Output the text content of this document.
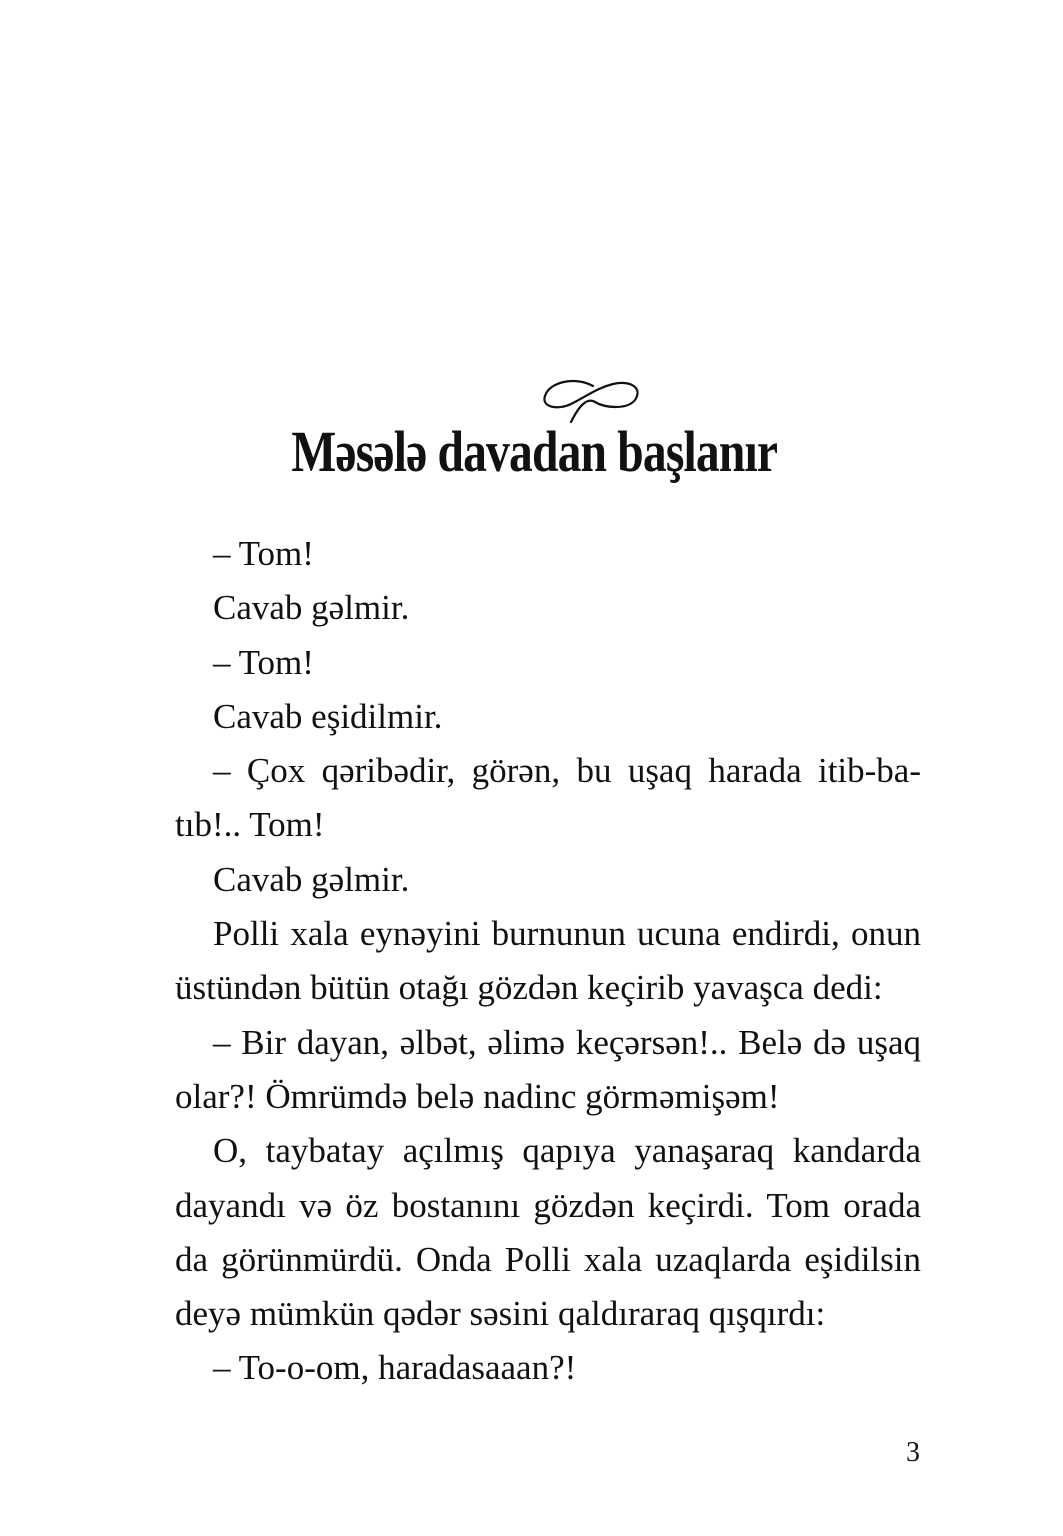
Məsələ davadan başlanır

– Tom!

Cavab gəlmir.

– Tom!

Cavab eşidilmir.

– Çox qəribədir, görən, bu uşaq harada itib-ba-tıb!.. Tom!

Cavab gəlmir.

Polli xala eynəyini burnunun ucuna endirdi, onun üstündən bütün otağı gözdən keçirib yavaşca dedi:

– Bir dayan, əlbət, əlimə keçərsən!.. Belə də uşaq olar?! Ömrümdə belə nadinc görməmişəm!

O, taybatay açılmış qapıya yanaşaraq kandarda dayandı və öz bostanını gözdən keçirdi. Tom orada da görünmürdü. Onda Polli xala uzaqlarda eşidilsin deyə mümkün qədər səsini qaldıraraq qışqırdı:

– To-o-om, haradasaaan?!

3
